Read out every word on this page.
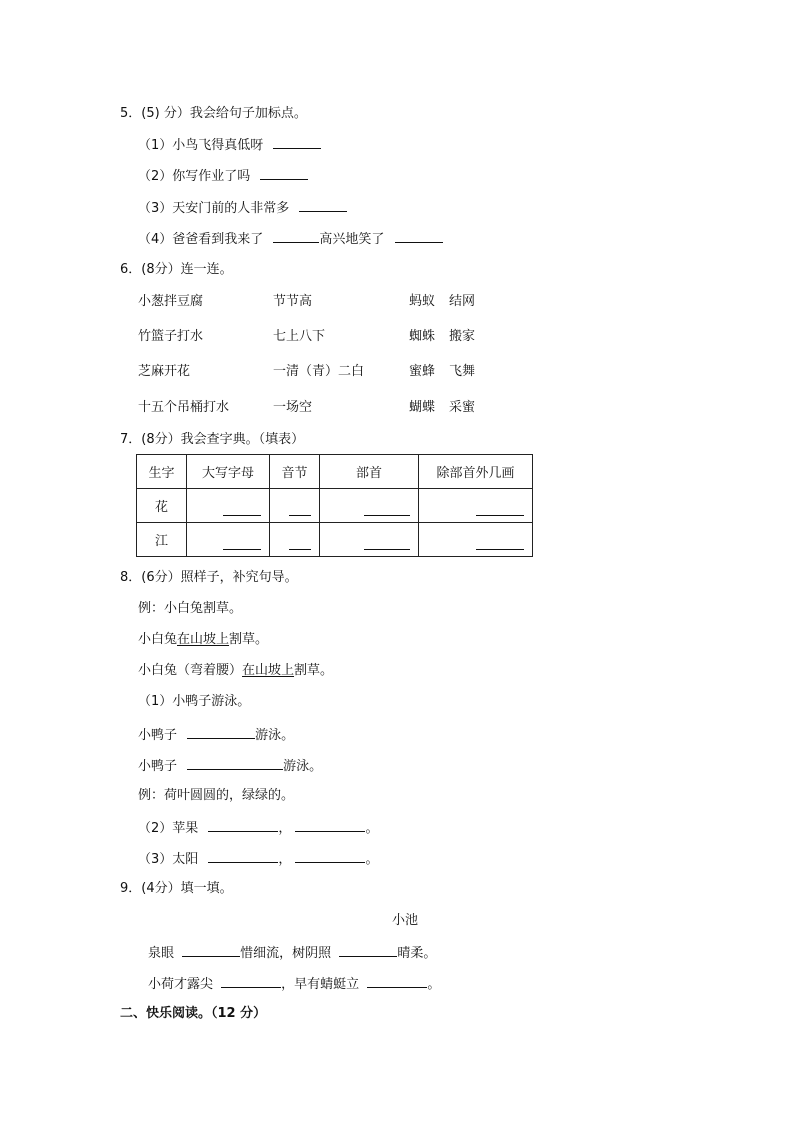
5．(5) 分）我会给句子加标点。
（1）小鸟飞得真低呀
（2）你写作业了吗
（3）天安门前的人非常多
（4）爸爸看到我来了	高兴地笑了
6．(8分）连一连。
小葱拌豆腐	节节高	蚂蚁 结网
竹篮子打水	七上八下	蜘蛛 搬家
芝麻开花	一清（青）二白	蜜蜂 飞舞
十五个吊桶打水	一场空	蝴蝶 采蜜
7．(8分）我会查字典。（填表）
生字	大写字母	音节	部首	除部首外几画
花				
江				
8．(6分）照样子，补究句导。
例：小白兔割草。
小白兔在山坡上割草。
小白兔（弯着腰）在山坡上割草。
（1）小鸭子游泳。
小鸭子	游泳。
小鸭子	游泳。
例：荷叶圆圆的，绿绿的。
（2）苹果	，	。
（3）太阳	，	。
9．(4分）填一填。
小池
泉眼	惜细流，树阴照	晴柔。
小荷才露尖	，早有蜻蜓立	。
二、快乐阅读。（12 分）
